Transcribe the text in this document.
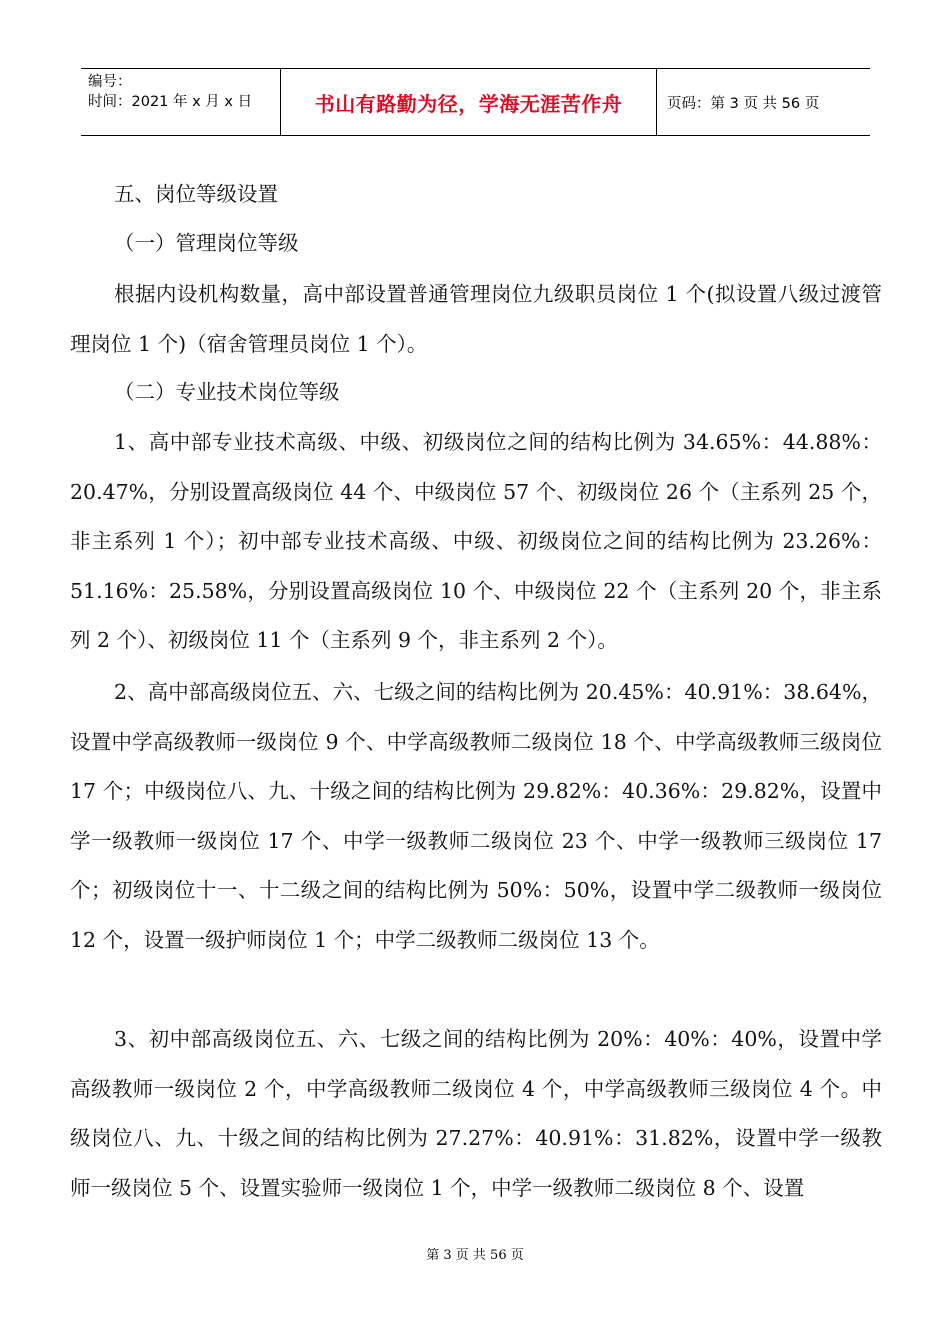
编号：
时间：2021 年 x 月 x 日	书山有路勤为径，学海无涯苦作舟	页码：第 3 页 共 56 页

五、岗位等级设置

（一）管理岗位等级

根据内设机构数量，高中部设置普通管理岗位九级职员岗位 1 个(拟设置八级过渡管理岗位 1 个)（宿舍管理员岗位 1 个）。

（二）专业技术岗位等级

1、高中部专业技术高级、中级、初级岗位之间的结构比例为 34.65%：44.88%：20.47%，分别设置高级岗位 44 个、中级岗位 57 个、初级岗位 26 个（主系列 25 个，非主系列 1 个）；初中部专业技术高级、中级、初级岗位之间的结构比例为 23.26%：51.16%：25.58%，分别设置高级岗位 10 个、中级岗位 22 个（主系列 20 个，非主系列 2 个）、初级岗位 11 个（主系列 9 个，非主系列 2 个）。

2、高中部高级岗位五、六、七级之间的结构比例为 20.45%：40.91%：38.64%，设置中学高级教师一级岗位 9 个、中学高级教师二级岗位 18 个、中学高级教师三级岗位 17 个；中级岗位八、九、十级之间的结构比例为 29.82%：40.36%：29.82%，设置中学一级教师一级岗位 17 个、中学一级教师二级岗位 23 个、中学一级教师三级岗位 17 个；初级岗位十一、十二级之间的结构比例为 50%：50%，设置中学二级教师一级岗位 12 个，设置一级护师岗位 1 个；中学二级教师二级岗位 13 个。

3、初中部高级岗位五、六、七级之间的结构比例为 20%：40%：40%，设置中学高级教师一级岗位 2 个，中学高级教师二级岗位 4 个，中学高级教师三级岗位 4 个。中级岗位八、九、十级之间的结构比例为 27.27%：40.91%：31.82%，设置中学一级教师一级岗位 5 个、设置实验师一级岗位 1 个，中学一级教师二级岗位 8 个、设置

第 3 页 共 56 页
